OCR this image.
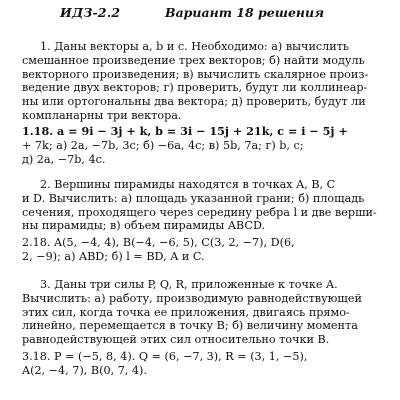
ИДЗ-2.2	Вариант 18 решения
1. Даны векторы a, b и c. Необходимо: а) вычислить
смешанное произведение трех векторов; б) найти модуль
векторного произведения; в) вычислить скалярное произ-
ведение двух векторов; г) проверить, будут ли коллинеар-
ны или ортогональны два вектора; д) проверить, будут ли
компланарны три вектора.
1.18. a = 9i − 3j + k, b = 3i − 15j + 21k, c = i − 5j +
+ 7k; а) 2a, −7b, 3c; б) −6a, 4c; в) 5b, 7a; г) b, c;
д) 2a, −7b, 4c.
2. Вершины пирамиды находятся в точках A, B, C
и D. Вычислить: а) площадь указанной грани; б) площадь
сечения, проходящего через середину ребра l и две верши-
ны пирамиды; в) объем пирамиды ABCD.
2.18. A(5, −4, 4), B(−4, −6, 5), C(3, 2, −7), D(6,
2, −9); а) ABD; б) l = BD, A и C.
3. Даны три силы P, Q, R, приложенные к точке A.
Вычислить: а) работу, производимую равнодействующей
этих сил, когда точка ее приложения, двигаясь прямо-
линейно, перемещается в точку B; б) величину момента
равнодействующей этих сил относительно точки B.
3.18. P = (−5, 8, 4). Q = (6, −7, 3), R = (3, 1, −5),
A(2, −4, 7), B(0, 7, 4).
